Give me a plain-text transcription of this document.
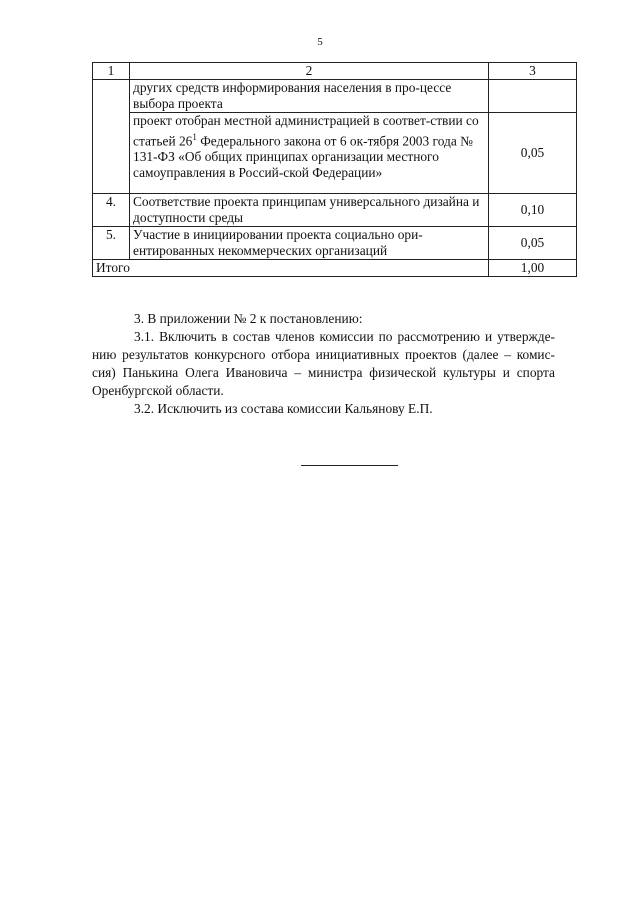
5
1	2	3
	других средств информирования населения в про-цессе выбора проекта	
	проект отобран местной администрацией в соответ-ствии со статьей $26^1$ Федерального закона от 6 ок-тября 2003 года № 131-ФЗ «Об общих принципах организации местного самоуправления в Россий-ской Федерации»	0,05
4.	Соответствие проекта принципам универсального дизайна и доступности среды	0,10
5.	Участие в инициировании проекта социально ори-ентированных некоммерческих организаций	0,05
Итого		1,00

3. В приложении № 2 к постановлению:

3.1. Включить в состав членов комиссии по рассмотрению и утвержде-нию результатов конкурсного отбора инициативных проектов (далее – комис-сия) Панькина Олега Ивановича – министра физической культуры и спорта Оренбургской области.

3.2. Исключить из состава комиссии Кальянову Е.П.
